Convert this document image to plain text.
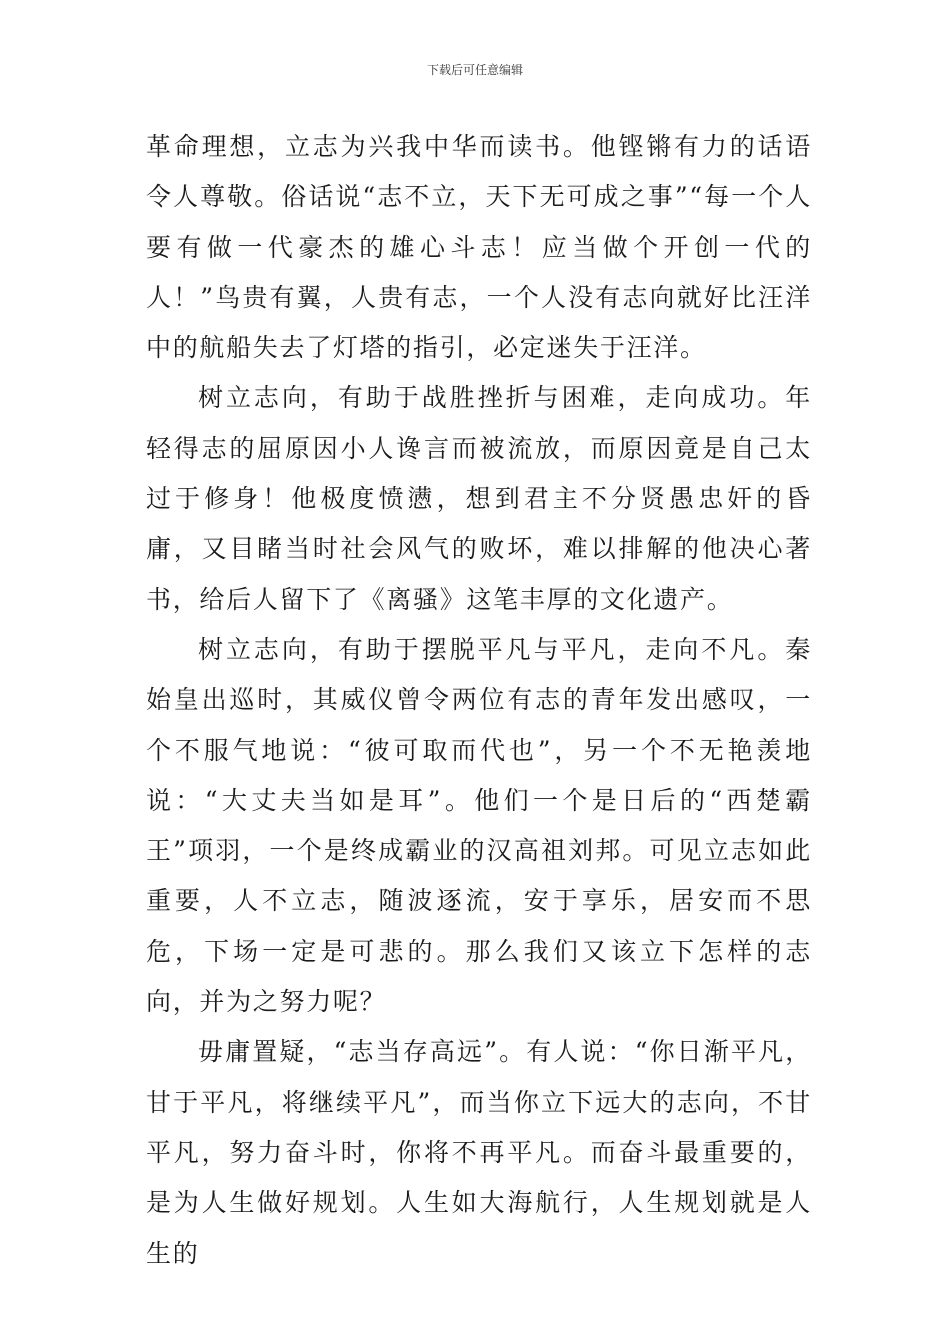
下载后可任意编辑

革命理想，立志为兴我中华而读书。他铿锵有力的话语令人尊敬。俗话说“志不立，天下无可成之事”“每一个人要有做一代豪杰的雄心斗志！应当做个开创一代的人！”鸟贵有翼，人贵有志，一个人没有志向就好比汪洋中的航船失去了灯塔的指引，必定迷失于汪洋。

树立志向，有助于战胜挫折与困难，走向成功。年轻得志的屈原因小人谗言而被流放，而原因竟是自己太过于修身！他极度愤懑，想到君主不分贤愚忠奸的昏庸，又目睹当时社会风气的败坏，难以排解的他决心著书，给后人留下了《离骚》这笔丰厚的文化遗产。

树立志向，有助于摆脱平凡与平凡，走向不凡。秦始皇出巡时，其威仪曾令两位有志的青年发出感叹，一个不服气地说：“彼可取而代也”，另一个不无艳羡地说：“大丈夫当如是耳”。他们一个是日后的“西楚霸王”项羽，一个是终成霸业的汉高祖刘邦。可见立志如此重要，人不立志，随波逐流，安于享乐，居安而不思危，下场一定是可悲的。那么我们又该立下怎样的志向，并为之努力呢？

毋庸置疑，“志当存高远”。有人说：“你日渐平凡，甘于平凡，将继续平凡”，而当你立下远大的志向，不甘平凡，努力奋斗时，你将不再平凡。而奋斗最重要的，是为人生做好规划。人生如大海航行，人生规划就是人生的
